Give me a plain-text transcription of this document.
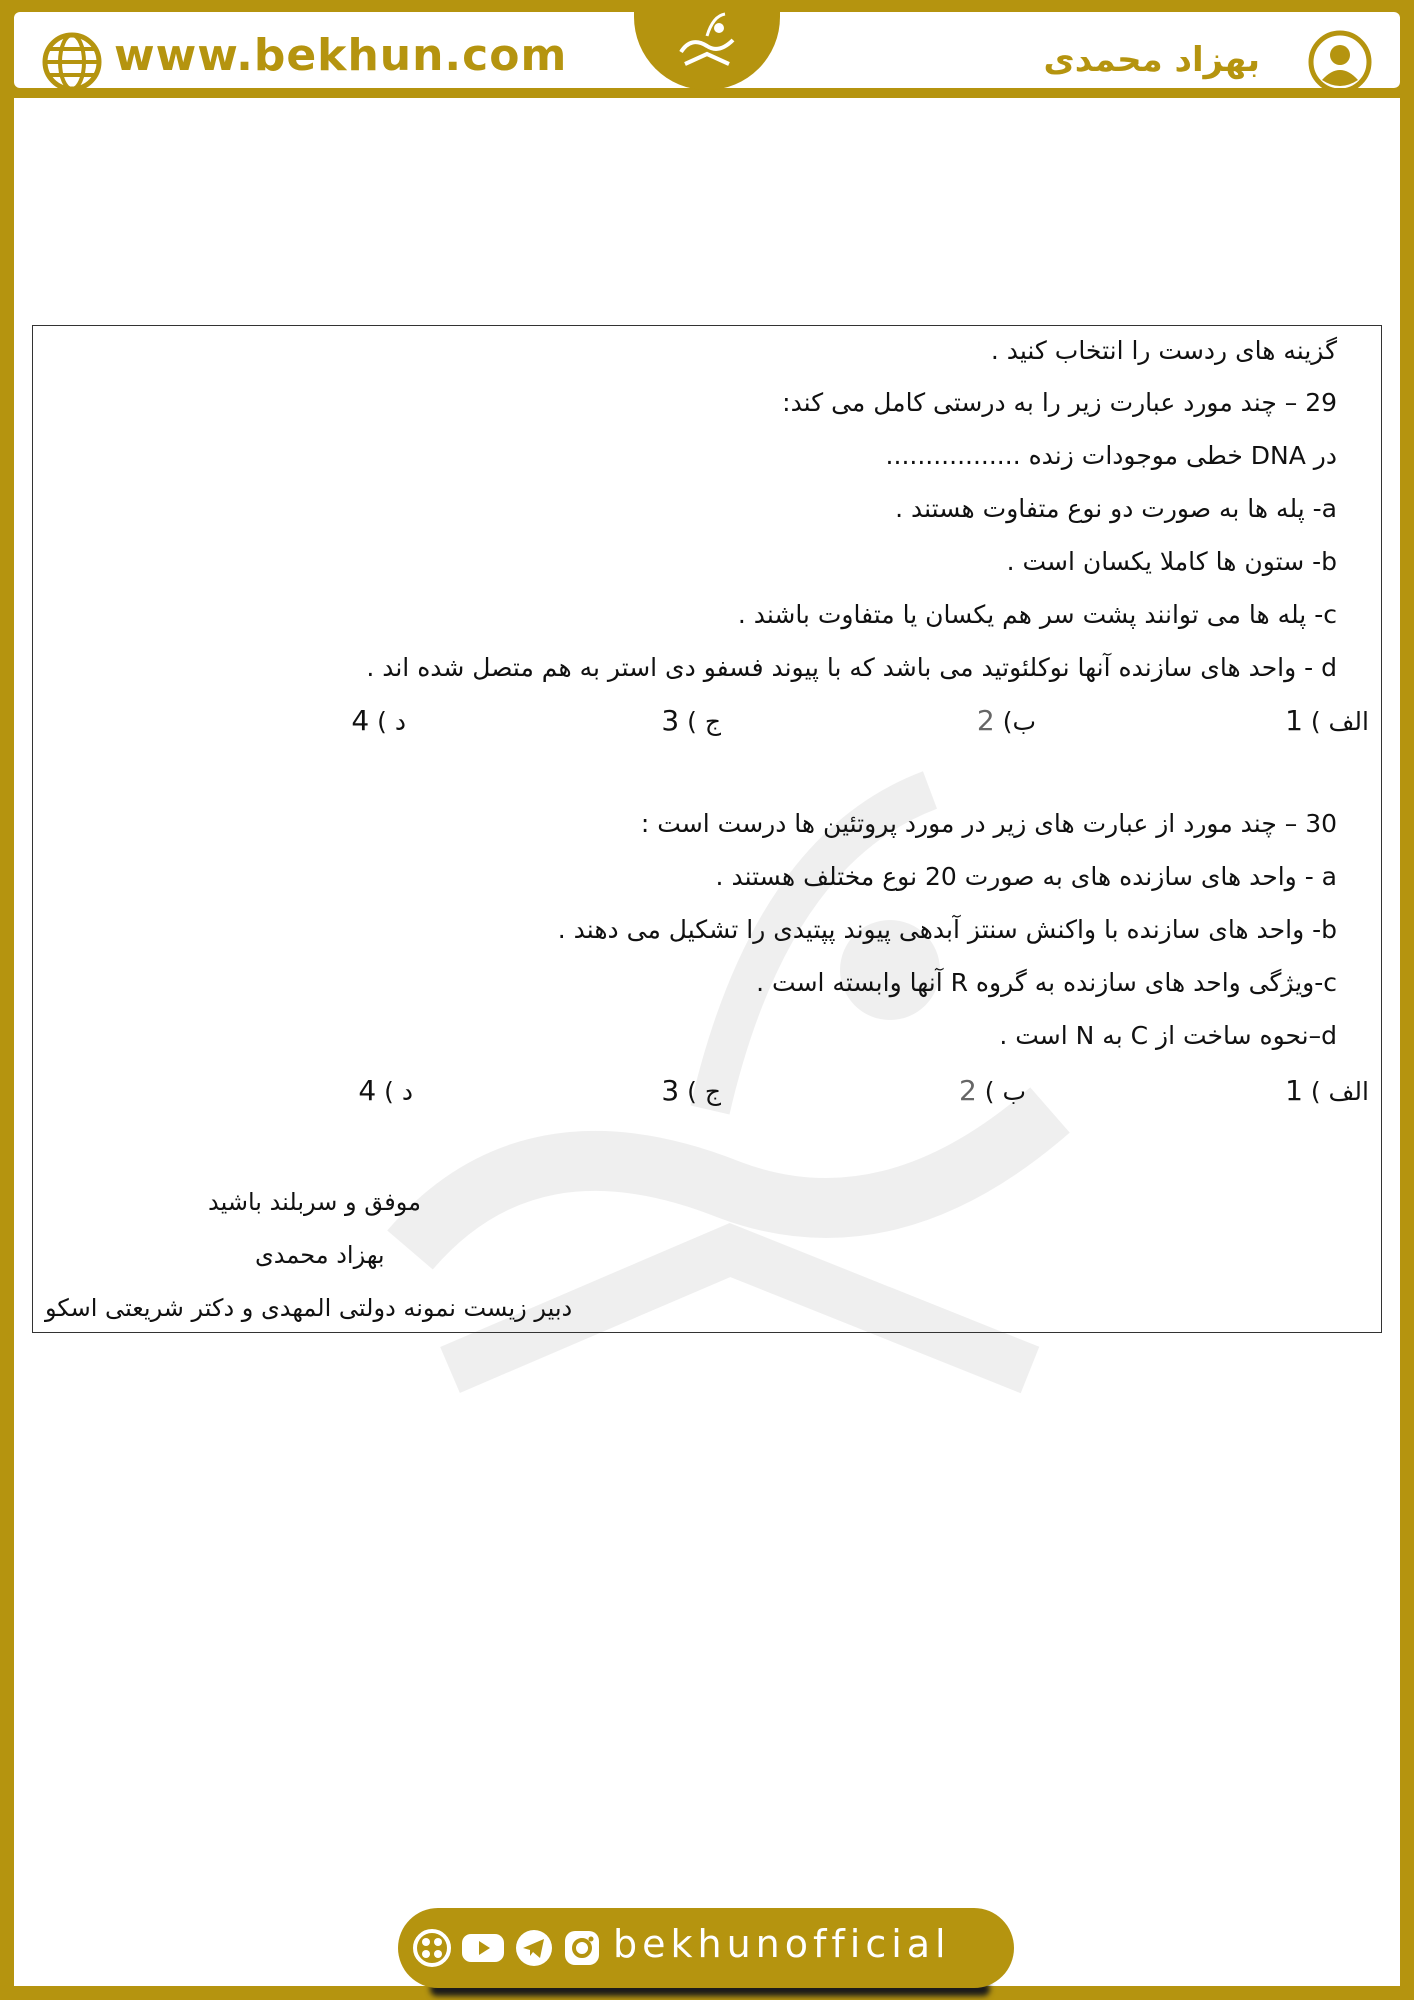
www.bekhun.com	بهزاد محمدی
گزینه های ردست را انتخاب کنید .
29 – چند مورد عبارت زیر را به درستی کامل می کند:
در DNA خطی موجودات زنده .................
a- پله ها به صورت دو نوع متفاوت هستند .
b- ستون ها کاملا یکسان است .
c- پله ها می توانند پشت سر هم یکسان یا متفاوت باشند .
d - واحد های سازنده آنها نوکلئوتید می باشد که با پیوند فسفو دی استر به هم متصل شده اند .
الف ) 1
ب) 2
ج ) 3
د ) 4
30 – چند مورد از عبارت های زیر در مورد پروتئین ها درست است :
a - واحد های سازنده های به صورت 20 نوع مختلف هستند .
b- واحد های سازنده با واکنش سنتز آبدهی پیوند پپتیدی را تشکیل می دهند .
c-ویژگی واحد های سازنده به گروه R آنها وابسته است .
d–نحوه ساخت از C به N است .
الف ) 1
ب ) 2
ج ) 3
د ) 4
موفق و سربلند باشید
بهزاد محمدی
دبیر زیست نمونه دولتی المهدی و دکتر شریعتی اسکو
bekhunofficial
